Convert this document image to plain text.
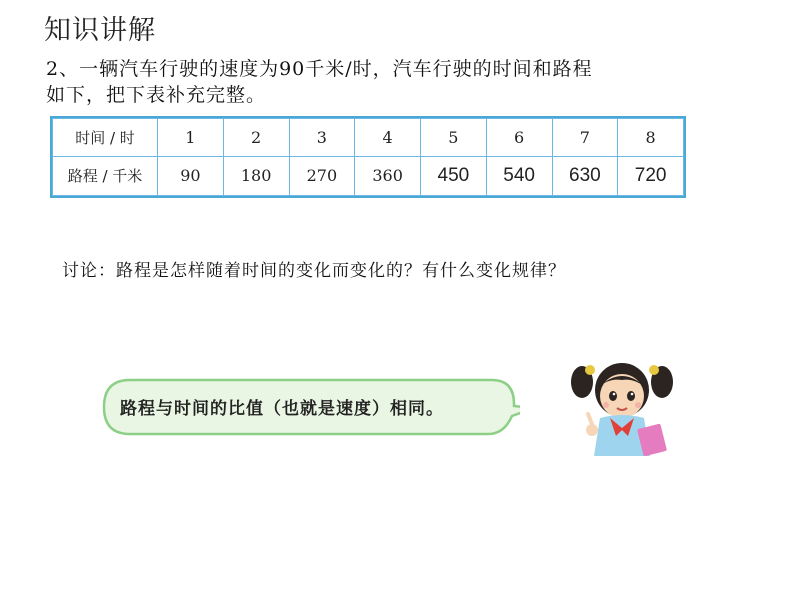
知识讲解
2、一辆汽车行驶的速度为90千米/时，汽车行驶的时间和路程
如下，把下表补充完整。
时间 / 时	1	2	3	4	5	6	7	8
路程 / 千米	90	180	270	360	450	540	630	720
讨论：路程是怎样随着时间的变化而变化的？有什么变化规律？
路程与时间的比值（也就是速度）相同。
